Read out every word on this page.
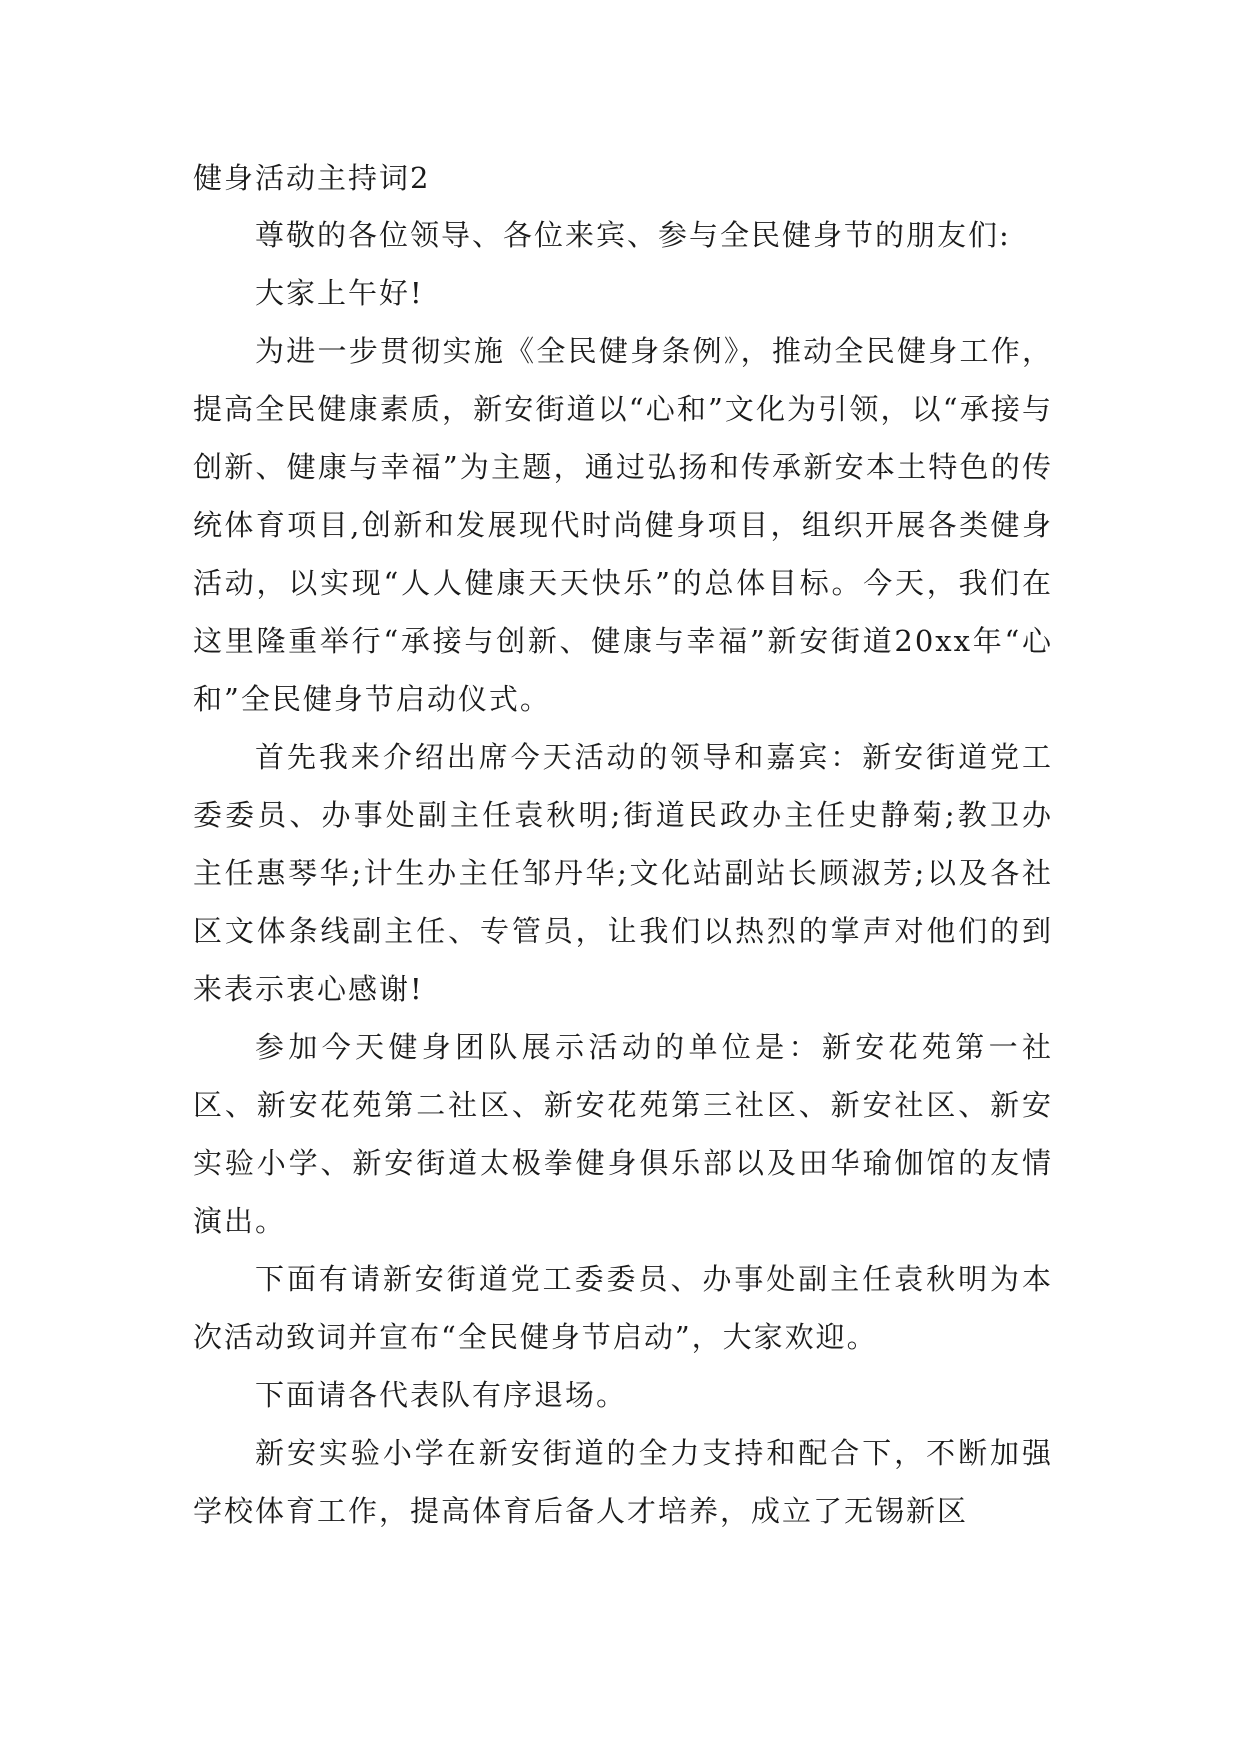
健身活动主持词2

尊敬的各位领导、各位来宾、参与全民健身节的朋友们:

大家上午好!

为进一步贯彻实施《全民健身条例》，推动全民健身工作，提高全民健康素质，新安街道以“心和”文化为引领，以“承接与创新、健康与幸福”为主题，通过弘扬和传承新安本土特色的传统体育项目,创新和发展现代时尚健身项目，组织开展各类健身活动，以实现“人人健康天天快乐”的总体目标。今天，我们在这里隆重举行“承接与创新、健康与幸福”新安街道20xx年“心和”全民健身节启动仪式。

首先我来介绍出席今天活动的领导和嘉宾：新安街道党工委委员、办事处副主任袁秋明;街道民政办主任史静菊;教卫办主任惠琴华;计生办主任邹丹华;文化站副站长顾淑芳;以及各社区文体条线副主任、专管员，让我们以热烈的掌声对他们的到来表示衷心感谢!

参加今天健身团队展示活动的单位是：新安花苑第一社区、新安花苑第二社区、新安花苑第三社区、新安社区、新安实验小学、新安街道太极拳健身俱乐部以及田华瑜伽馆的友情演出。

下面有请新安街道党工委委员、办事处副主任袁秋明为本次活动致词并宣布“全民健身节启动”，大家欢迎。

下面请各代表队有序退场。

新安实验小学在新安街道的全力支持和配合下，不断加强学校体育工作，提高体育后备人才培养，成立了无锡新区
